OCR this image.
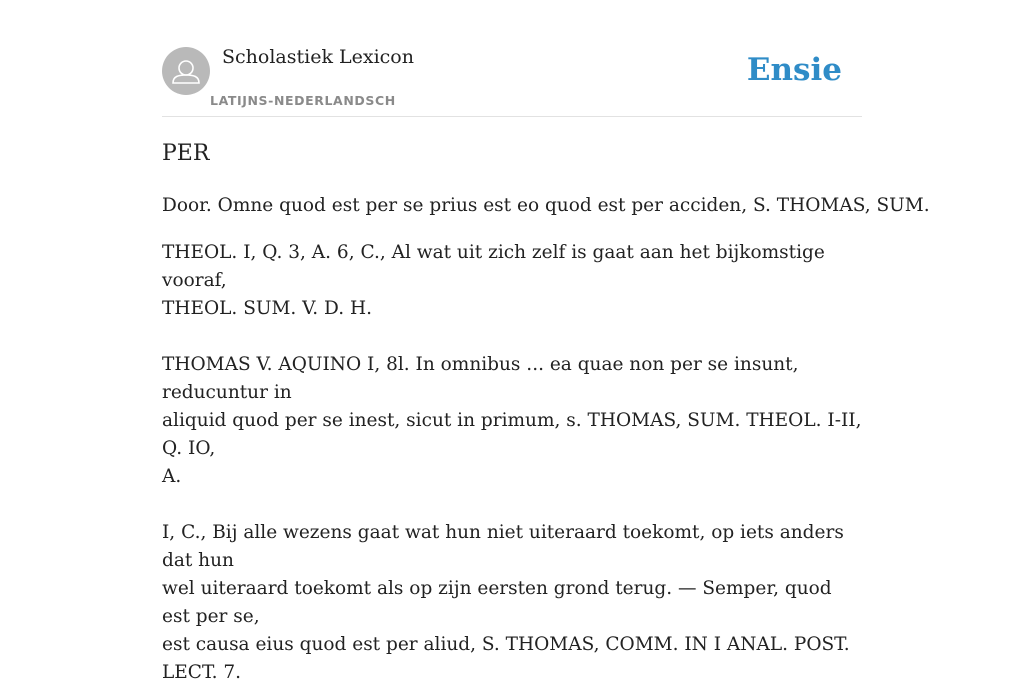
Scholastiek Lexicon
LATIJNS-NEDERLANDSCH
Ensie
PER

Door. Omne quod est per se prius est eo quod est per acciden, S. THOMAS, SUM.

THEOL. I, Q. 3, A. 6, C., Al wat uit zich zelf is gaat aan het bijkomstige vooraf,
THEOL. SUM. V. D. H.
THOMAS V. AQUINO I, 8l. In omnibus ... ea quae non per se insunt, reducuntur in
aliquid quod per se inest, sicut in primum, s. THOMAS, SUM. THEOL. I-II, Q. IO,
A.
I, C., Bij alle wezens gaat wat hun niet uiteraard toekomt, op iets anders dat hun
wel uiteraard toekomt als op zijn eersten grond terug. — Semper, quod est per se,
est causa eius quod est per aliud, S. THOMAS, COMM. IN I ANAL. POST. LECT. 7.
